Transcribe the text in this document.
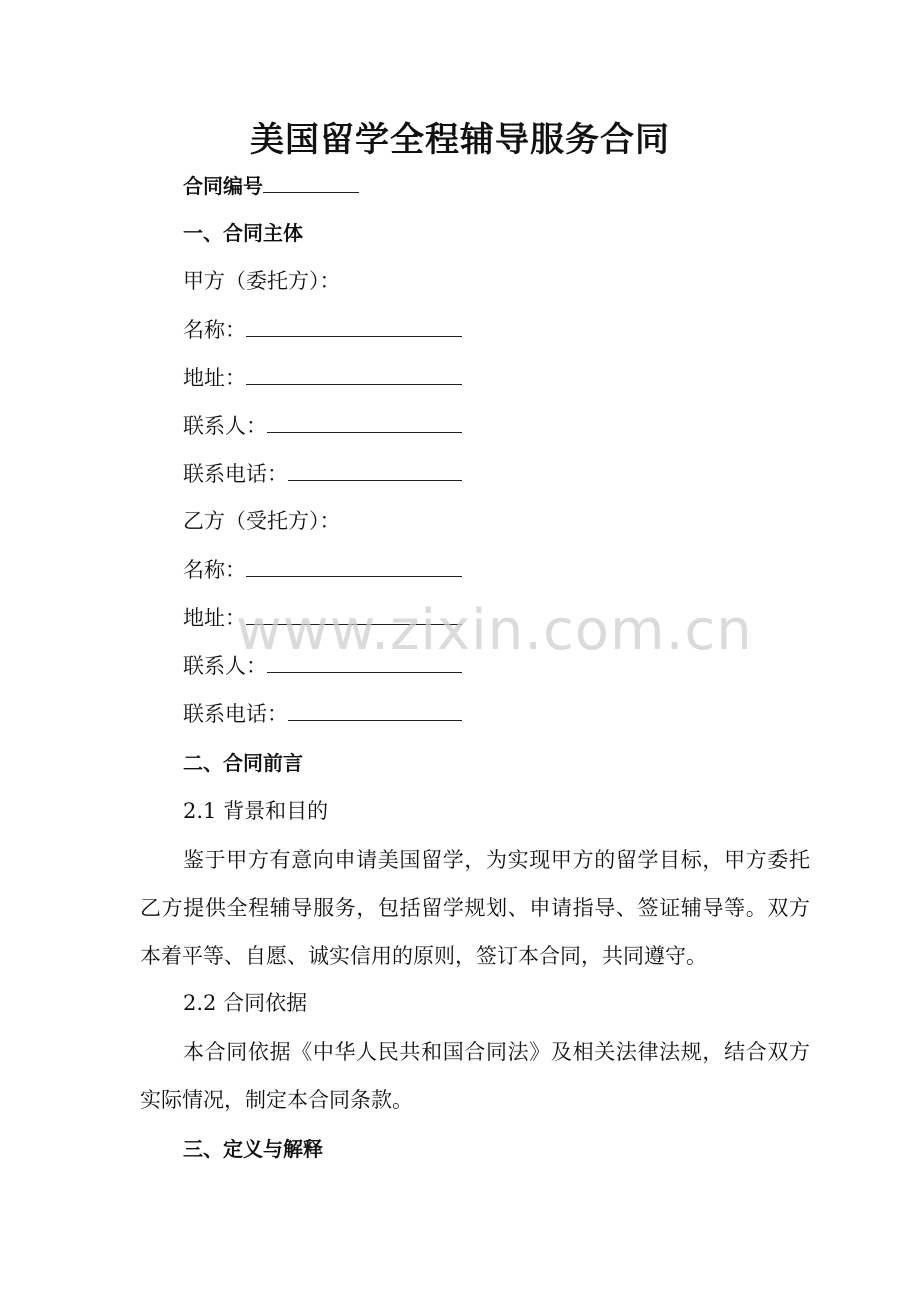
美国留学全程辅导服务合同
合同编号
一、合同主体
甲方（委托方）：
名称：
地址：
联系人：
联系电话：
乙方（受托方）：
名称：
地址：
联系人：
联系电话：
二、合同前言
2.1 背景和目的
鉴于甲方有意向申请美国留学，为实现甲方的留学目标，甲方委托乙方提供全程辅导服务，包括留学规划、申请指导、签证辅导等。双方本着平等、自愿、诚实信用的原则，签订本合同，共同遵守。
2.2 合同依据
本合同依据《中华人民共和国合同法》及相关法律法规，结合双方实际情况，制定本合同条款。
三、定义与解释
www.zixin.com.cn
